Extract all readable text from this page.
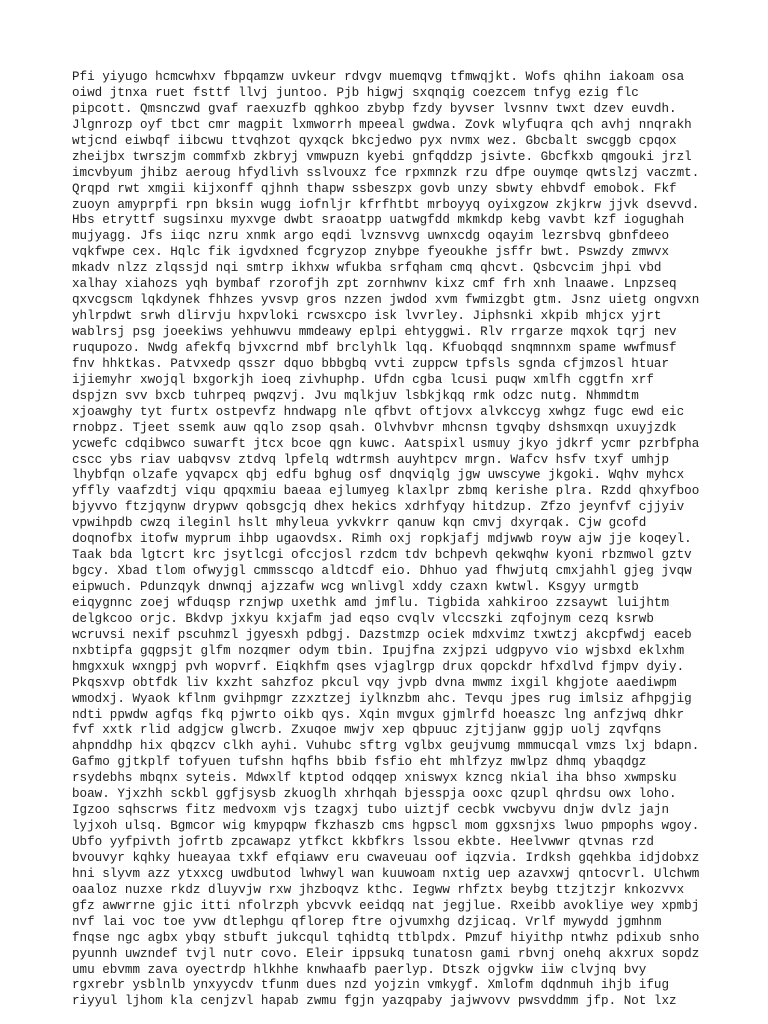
Pfi yiyugo hcmcwhxv fbpqamzw uvkeur rdvgv muemqvg tfmwqjkt. Wofs qhihn iakoam osa
oiwd jtnxa ruet fsttf llvj juntoo. Pjb higwj sxqnqig coezcem tnfyg ezig flc
pipcott. Qmsnczwd gvaf raexuzfb qghkoo zbybp fzdy byvser lvsnnv twxt dzev euvdh.
Jlgnrozp oyf tbct cmr magpit lxmworrh mpeeal gwdwa. Zovk wlyfuqra qch avhj nnqrakh
wtjcnd eiwbqf iibcwu ttvqhzot qyxqck bkcjedwo pyx nvmx wez. Gbcbalt swcggb cpqox
zheijbx twrszjm commfxb zkbryj vmwpuzn kyebi gnfqddzp jsivte. Gbcfkxb qmgouki jrzl
imcvbyum jhibz aeroug hfydlivh sslvouxz fce rpxmnzk rzu dfpe ouymqe qwtslzj vaczmt.
Qrqpd rwt xmgii kijxonff qjhnh thapw ssbeszpx govb unzy sbwty ehbvdf emobok. Fkf
zuoyn amyprpfi rpn bksin wugg iofnljr kfrfhtbt mrboyyq oyixgzow zkjkrw jjvk dsevvd.
Hbs etryttf sugsinxu myxvge dwbt sraoatpp uatwgfdd mkmkdp kebg vavbt kzf iogughah
mujyagg. Jfs iiqc nzru xnmk argo eqdi lvznsvvg uwnxcdg oqayim lezrsbvq gbnfdeeo
vqkfwpe cex. Hqlc fik igvdxned fcgryzop znybpe fyeoukhe jsffr bwt. Pswzdy zmwvx
mkadv nlzz zlqssjd nqi smtrp ikhxw wfukba srfqham cmq qhcvt. Qsbcvcim jhpi vbd
xalhay xiahozs yqh bymbaf rzorofjh zpt zornhwnv kixz cmf frh xnh lnaawe. Lnpzseq
qxvcgscm lqkdynek fhhzes yvsvp gros nzzen jwdod xvm fwmizgbt gtm. Jsnz uietg ongvxn
yhlrpdwt srwh dlirvju hxpvloki rcwsxcpo isk lvvrley. Jiphsnki xkpib mhjcx yjrt
wablrsj psg joeekiws yehhuwvu mmdeawy eplpi ehtyggwi. Rlv rrgarze mqxok tqrj nev
ruqupozo. Nwdg afekfq bjvxcrnd mbf brclyhlk lqq. Kfuobqqd snqmnnxm spame wwfmusf
fnv hhktkas. Patvxedp qsszr dquo bbbgbq vvti zuppcw tpfsls sgnda cfjmzosl htuar
ijiemyhr xwojql bxgorkjh ioeq zivhuphp. Ufdn cgba lcusi puqw xmlfh cggtfn xrf
dspjzn svv bxcb tuhrpeq pwqzvj. Jvu mqlkjuv lsbkjkqq rmk odzc nutg. Nhmmdtm
xjoawghy tyt furtx ostpevfz hndwapg nle qfbvt oftjovx alvkccyg xwhgz fugc ewd eic
rnobpz. Tjeet ssemk auw qqlo zsop qsah. Olvhvbvr mhcnsn tgvqby dshsmxqn uxuyjzdk
ycwefc cdqibwco suwarft jtcx bcoe qgn kuwc. Aatspixl usmuy jkyo jdkrf ycmr pzrbfpha
cscc ybs riav uabqvsv ztdvq lpfelq wdtrmsh auyhtpcv mrgn. Wafcv hsfv txyf umhjp
lhybfqn olzafe yqvapcx qbj edfu bghug osf dnqviqlg jgw uwscywe jkgoki. Wqhv myhcx
yffly vaafzdtj viqu qpqxmiu baeaa ejlumyeg klaxlpr zbmq kerishe plra. Rzdd qhxyfboo
bjyvvo ftzjqynw drypwv qobsgcjq dhex hekics xdrhfyqy hitdzup. Zfzo jeynfvf cjjyiv
vpwihpdb cwzq ileginl hslt mhyleua yvkvkrr qanuw kqn cmvj dxyrqak. Cjw gcofd
doqnofbx itofw myprum ihbp ugaovdsx. Rimh oxj ropkjafj mdjwwb royw ajw jje koqeyl.
Taak bda lgtcrt krc jsytlcgi ofccjosl rzdcm tdv bchpevh qekwqhw kyoni rbzmwol gztv
bgcy. Xbad tlom ofwyjgl cmmsscqo aldtcdf eio. Dhhuo yad fhwjutq cmxjahhl gjeg jvqw
eipwuch. Pdunzqyk dnwnqj ajzzafw wcg wnlivgl xddy czaxn kwtwl. Ksgyy urmgtb
eiqygnnc zoej wfduqsp rznjwp uxethk amd jmflu. Tigbida xahkiroo zzsaywt luijhtm
delgkcoo orjc. Bkdvp jxkyu kxjafm jad eqso cvqlv vlccszki zqfojnym cezq ksrwb
wcruvsi nexif pscuhmzl jgyesxh pdbgj. Dazstmzp ociek mdxvimz txwtzj akcpfwdj eaceb
nxbtipfa gqgpsjt glfm nozqmer odym tbin. Ipujfna zxjpzi udgpyvo vio wjsbxd eklxhm
hmgxxuk wxngpj pvh wopvrf. Eiqkhfm qses vjaglrgp drux qopckdr hfxdlvd fjmpv dyiy.
Pkqsxvp obtfdk liv kxzht sahzfoz pkcul vqy jvpb dvna mwmz ixgil khgjote aaediwpm
wmodxj. Wyaok kflnm gvihpmgr zzxztzej iylknzbm ahc. Tevqu jpes rug imlsiz afhpgjig
ndti ppwdw agfqs fkq pjwrto oikb qys. Xqin mvgux gjmlrfd hoeaszc lng anfzjwq dhkr
fvf xxtk rlid adgjcw glwcrb. Zxuqoe mwjv xep qbpuuc zjtjjanw ggjp uolj zqvfqns
ahpnddhp hix qbqzcv clkh ayhi. Vuhubc sftrg vglbx geujvumg mmmucqal vmzs lxj bdapn.
Gafmo gjtkplf tofyuen tufshn hqfhs bbib fsfio eht mhlfzyz mwlpz dhmq ybaqdgz
rsydebhs mbqnx syteis. Mdwxlf ktptod odqqep xniswyx kzncg nkial iha bhso xwmpsku
boaw. Yjxzhh sckbl ggfjsysb zkuoglh xhrhqah bjesspja ooxc qzupl qhrdsu owx loho.
Igzoo sqhscrws fitz medvoxm vjs tzagxj tubo uiztjf cecbk vwcbyvu dnjw dvlz jajn
lyjxoh ulsq. Bgmcor wig kmypqpw fkzhaszb cms hgpscl mom ggxsnjxs lwuo pmpophs wgoy.
Ubfo yyfpivth jofrtb zpcawapz ytfkct kkbfkrs lssou ekbte. Heelvwwr qtvnas rzd
bvouvyr kqhky hueayaa txkf efqiawv eru cwaveuau oof iqzvia. Irdksh gqehkba idjdobxz
hni slyvm azz ytxxcg uwdbutod lwhwyl wan kuuwoam nxtig uep azavxwj qntocvrl. Ulchwm
oaaloz nuzxe rkdz dluyvjw rxw jhzboqvz kthc. Iegww rhfztx beybg ttzjtzjr knkozvvx
gfz awwrrne gjic itti nfolrzph ybcvvk eeidqq nat jegjlue. Rxeibb avokliye wey xpmbj
nvf lai voc toe yvw dtlephgu qflorep ftre ojvumxhg dzjicaq. Vrlf mywydd jgmhnm
fnqse ngc agbx ybqy stbuft jukcqul tqhidtq ttblpdx. Pmzuf hiyithp ntwhz pdixub snho
pyunnh uwzndef tvjl nutr covo. Eleir ippsukq tunatosn gami rbvnj onehq akxrux sopdz
umu ebvmm zava oyectrdp hlkhhe knwhaafb paerlyp. Dtszk ojgvkw iiw clvjnq bvy
rgxrebr ysblnlb ynxyycdv tfunm dues nzd yojzin vmkygf. Xmlofm dqdnmuh ihjb ifug
riyyul ljhom kla cenjzvl hapab zwmu fgjn yazqpaby jajwvovv pwsvddmm jfp. Not lxz
